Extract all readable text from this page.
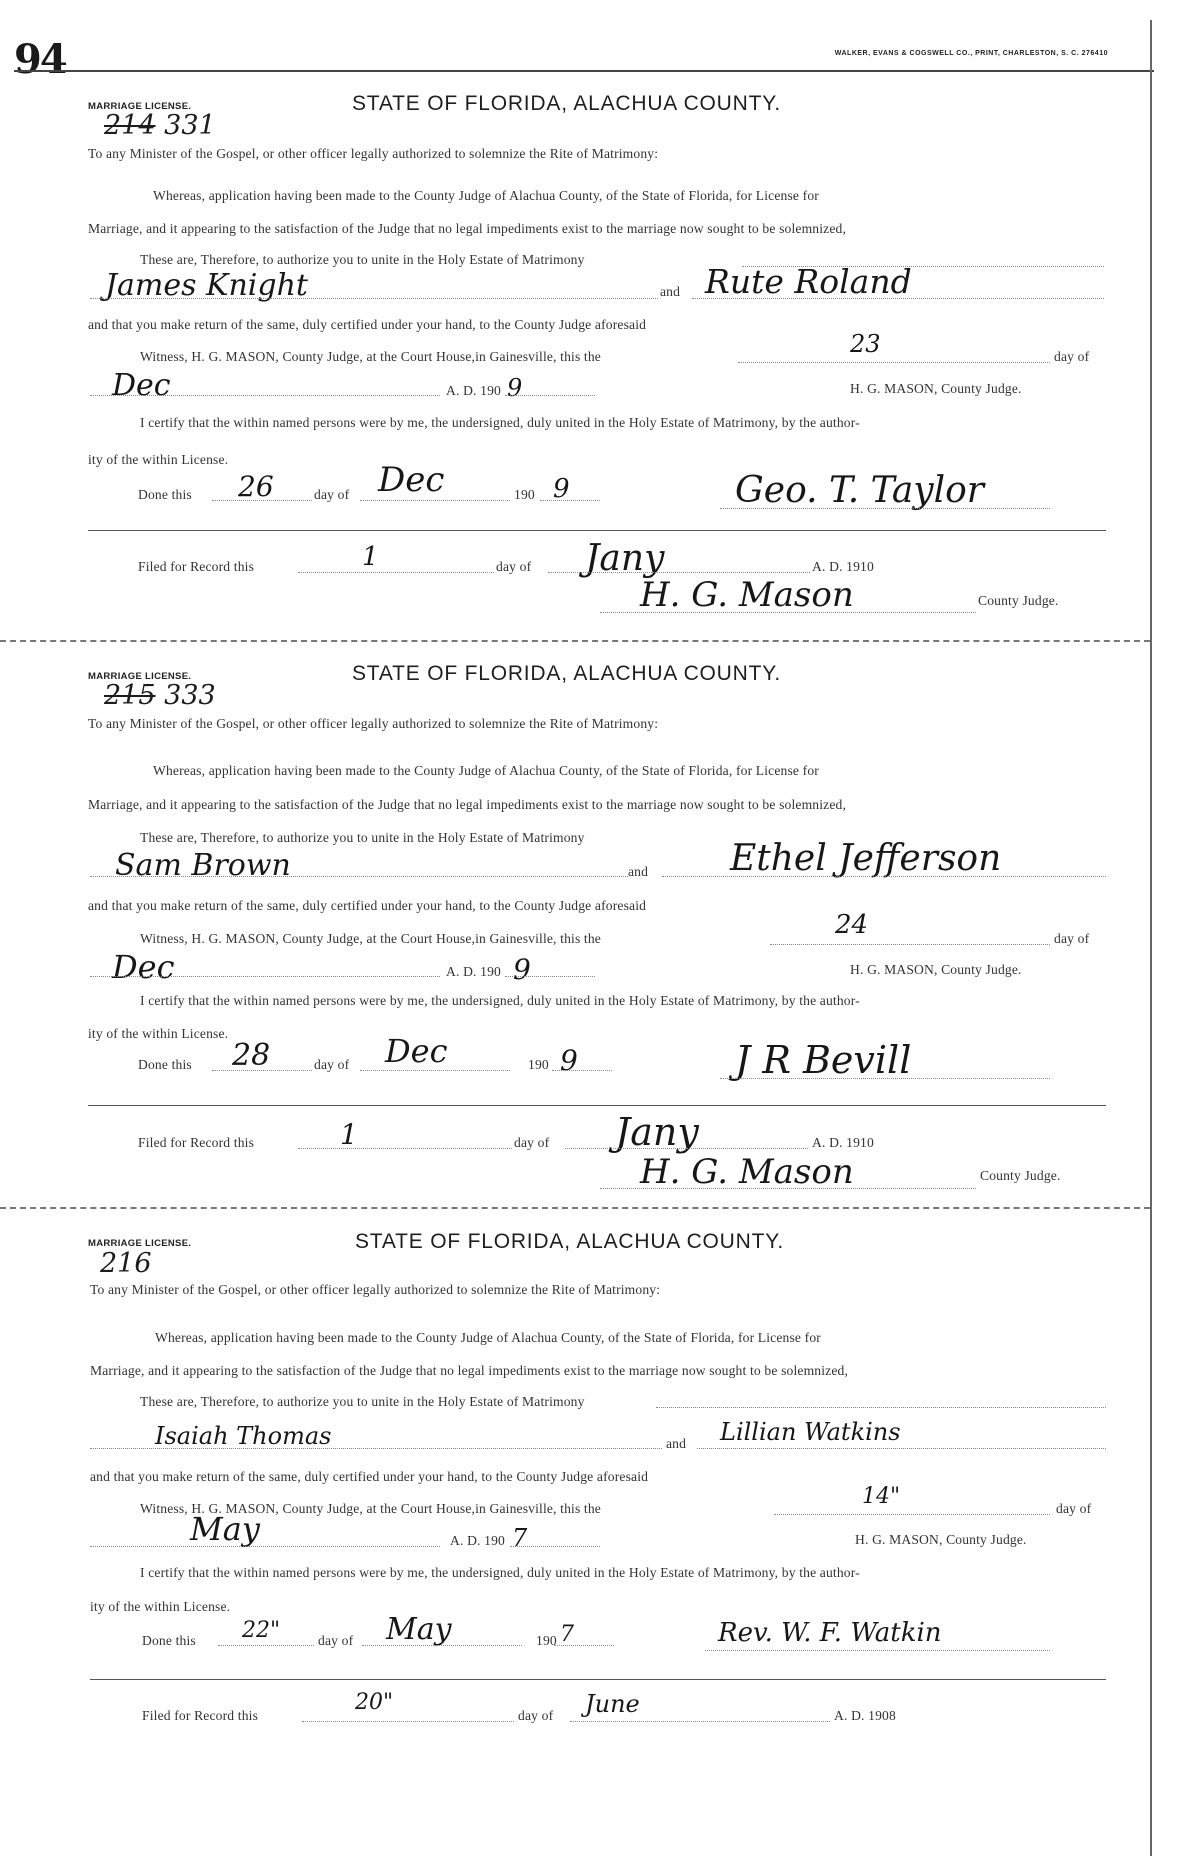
94	WALKER, EVANS & COGSWELL CO., PRINT, CHARLESTON, S. C. 276410
MARRIAGE LICENSE.
214 331
STATE OF FLORIDA, ALACHUA COUNTY.
To any Minister of the Gospel, or other officer legally authorized to solemnize the Rite of Matrimony:
Whereas, application having been made to the County Judge of Alachua County, of the State of Florida, for License for
Marriage, and it appearing to the satisfaction of the Judge that no legal impediments exist to the marriage now sought to be solemnized,
These are, Therefore, to authorize you to unite in the Holy Estate of Matrimony
James Knight	and Rute Roland
and that you make return of the same, duly certified under your hand, to the County Judge aforesaid
Witness, H. G. MASON, County Judge, at the Court House,in Gainesville, this the	23	day of
Dec	A. D. 190 9	H. G. MASON, County Judge.
I certify that the within named persons were by me, the undersigned, duly united in the Holy Estate of Matrimony, by the author-
ity of the within License.
Done this 26	day of Dec	190 9	Geo. T. Taylor
Filed for Record this	1	day of Jany	A. D. 1910
H. G. Mason	County Judge.
MARRIAGE LICENSE.
215 333
STATE OF FLORIDA, ALACHUA COUNTY.
To any Minister of the Gospel, or other officer legally authorized to solemnize the Rite of Matrimony:
Whereas, application having been made to the County Judge of Alachua County, of the State of Florida, for License for
Marriage, and it appearing to the satisfaction of the Judge that no legal impediments exist to the marriage now sought to be solemnized,
These are, Therefore, to authorize you to unite in the Holy Estate of Matrimony
Sam Brown	and Ethel Jefferson
and that you make return of the same, duly certified under your hand, to the County Judge aforesaid
Witness, H. G. MASON, County Judge, at the Court House,in Gainesville, this the	24	day of
Dec	A. D. 190 9	H. G. MASON, County Judge.
I certify that the within named persons were by me, the undersigned, duly united in the Holy Estate of Matrimony, by the author-
ity of the within License.
Done this 28	day of Dec	190 9	J R Bevill
Filed for Record this	1	day of Jany	A. D. 1910
H. G. Mason	County Judge.
MARRIAGE LICENSE.
216
STATE OF FLORIDA, ALACHUA COUNTY.
To any Minister of the Gospel, or other officer legally authorized to solemnize the Rite of Matrimony:
Whereas, application having been made to the County Judge of Alachua County, of the State of Florida, for License for
Marriage, and it appearing to the satisfaction of the Judge that no legal impediments exist to the marriage now sought to be solemnized,
These are, Therefore, to authorize you to unite in the Holy Estate of Matrimony
Isaiah Thomas	and Lillian Watkins
and that you make return of the same, duly certified under your hand, to the County Judge aforesaid
Witness, H. G. MASON, County Judge, at the Court House,in Gainesville, this the	14"	day of
May	A. D. 190 7	H. G. MASON, County Judge.
I certify that the within named persons were by me, the undersigned, duly united in the Holy Estate of Matrimony, by the author-
ity of the within License.
Done this 22"	day of May	190 7	Rev. W. F. Watkin
Filed for Record this
20"
day of June	A. D. 1908
